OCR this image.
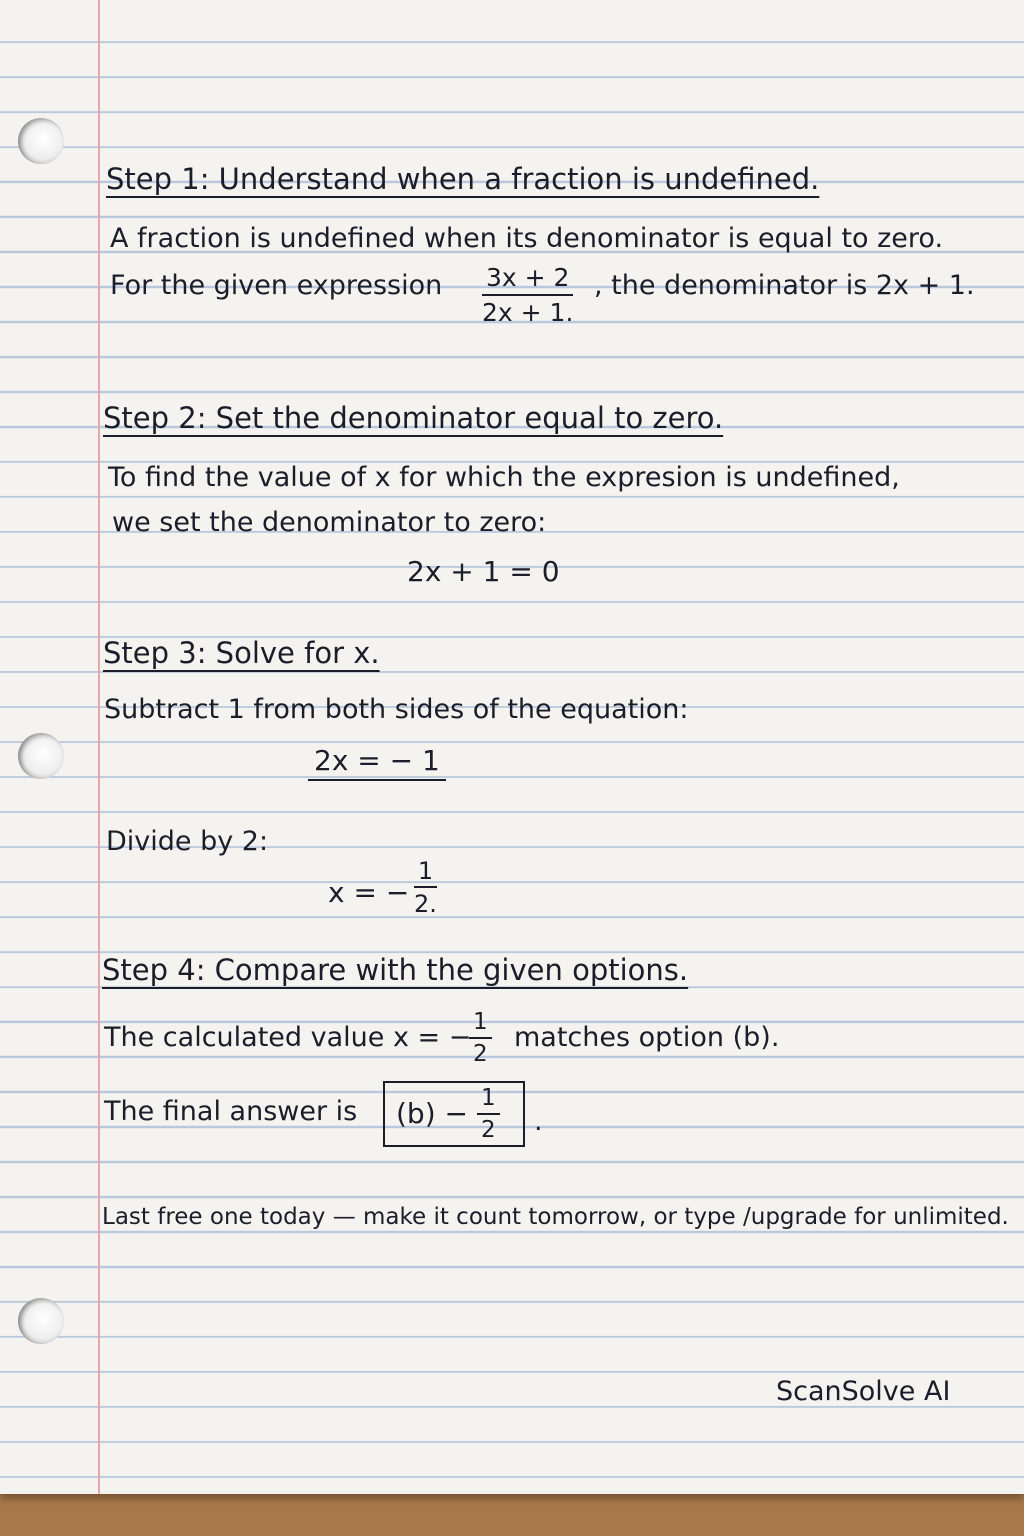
Step 1: Understand when a fraction is undefined.
A fraction is undefined when its denominator is equal to zero.
For the given expression $\frac{3x + 2}{2x + 1.}$ , the denominator is 2x + 1.
Step 2: Set the denominator equal to zero.
To find the value of x for which the expresion is undefined,
we set the denominator to zero:
2x + 1 = 0
Step 3: Solve for x.
Subtract 1 from both sides of the equation:
2x = − 1
Divide by 2:
x = − $\frac{1}{2.}$
Step 4: Compare with the given options.
The calculated value x = −
$\frac{1}{2}$ matches option (b).
The final answer is $(b) - \frac{1}{2}$ .
Last free one today — make it count tomorrow, or type /upgrade for unlimited.
ScanSolve AI
